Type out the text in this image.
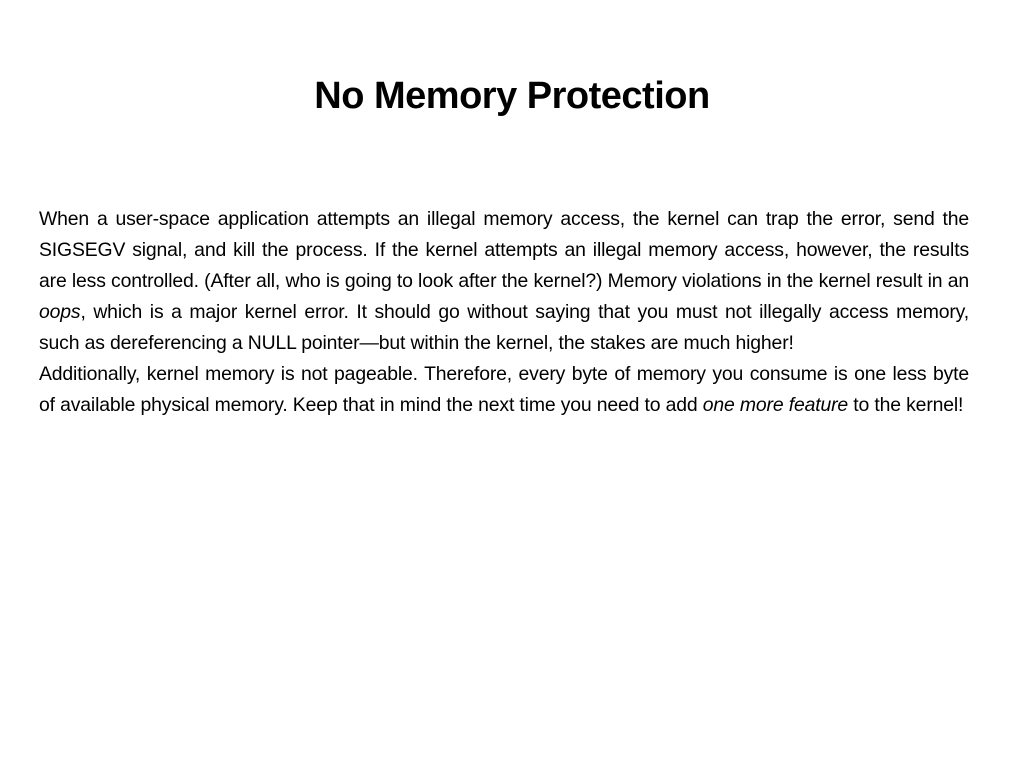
No Memory Protection

When a user-space application attempts an illegal memory access, the kernel can trap the error, send the SIGSEGV signal, and kill the process. If the kernel attempts an illegal memory access, however, the results are less controlled. (After all, who is going to look after the kernel?) Memory violations in the kernel result in an oops, which is a major kernel error. It should go without saying that you must not illegally access memory, such as dereferencing a NULL pointer—but within the kernel, the stakes are much higher!

Additionally, kernel memory is not pageable. Therefore, every byte of memory you consume is one less byte of available physical memory. Keep that in mind the next time you need to add one more feature to the kernel!
